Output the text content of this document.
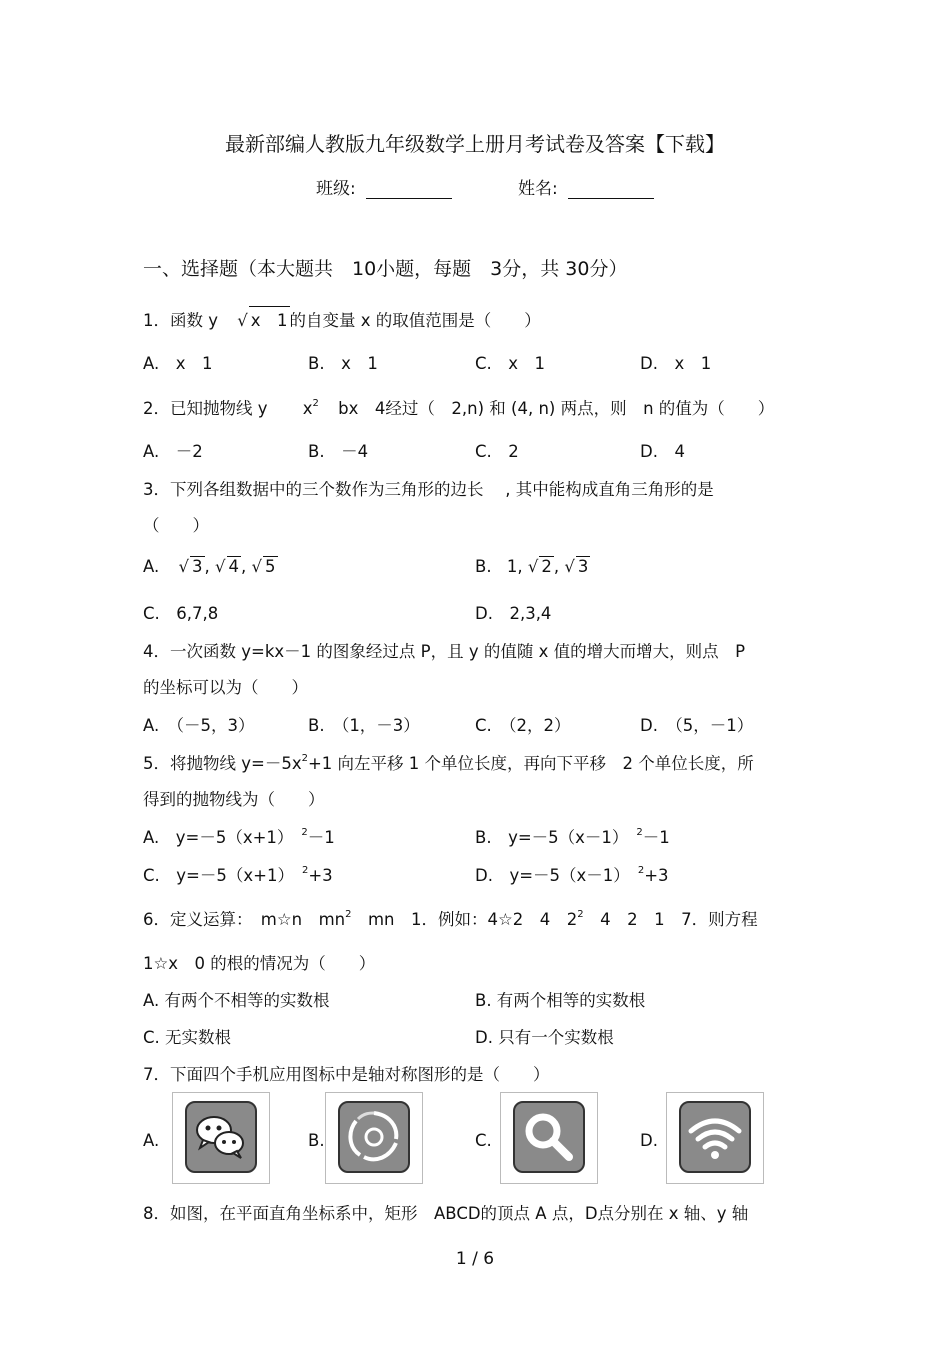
最新部编人教版九年级数学上册月考试卷及答案【下载】
班级:	姓名:
一、选择题（本大题共　10小题，每题　3分，共 30分）
1．函数 y √ x　 1 的自变量 x 的取值范围是（　　）
A.　x　1	B.　x　1	C.　x　1	D.　x　1
2．已知抛物线 y $x^2$ bx　4经过（　2,n) 和 (4, n) 两点，则　n 的值为（　　）
A.　－2	B.　－4	C.　2	D.　4
3．下列各组数据中的三个数作为三角形的边长　 , 其中能构成直角三角形的是
（　　）
A. √ 3 , √ 4 , √ 5	B. 1, √ 2 , √ 3
C.　6,7,8	D.　2,3,4
4．一次函数 y=kx－1 的图象经过点 P，且 y 的值随 x 值的增大而增大，则点　P
的坐标可以为（　　）
A.　（－5，3）	B.　（1，－3）	C.　（2，2）	D.　（5，－1）
5．将抛物线 $y=-5x^2+1$ 向左平移 1 个单位长度，再向下平移　2 个单位长度，所
得到的抛物线为（　　）
A.　y=－5（x+1） $^2$－1	B.　y=－5（x－1） $^2$－1
C.　y=－5（x+1） $^2$+3	D.　y=－5（x－1） $^2$+3
6．定义运算：　m☆n　$mn^2$　mn　1．例如：4☆2　4　$2^2$　4　2　1　7．则方程
1☆x　0 的根的情况为（　　）
A. 有两个不相等的实数根	B. 有两个相等的实数根
C. 无实数根	D. 只有一个实数根
7．下面四个手机应用图标中是轴对称图形的是（　　）
A.	B.	C.	D.
8．如图，在平面直角坐标系中，矩形　ABCD的顶点 A 点，D点分别在 x 轴、y 轴
1 / 6
